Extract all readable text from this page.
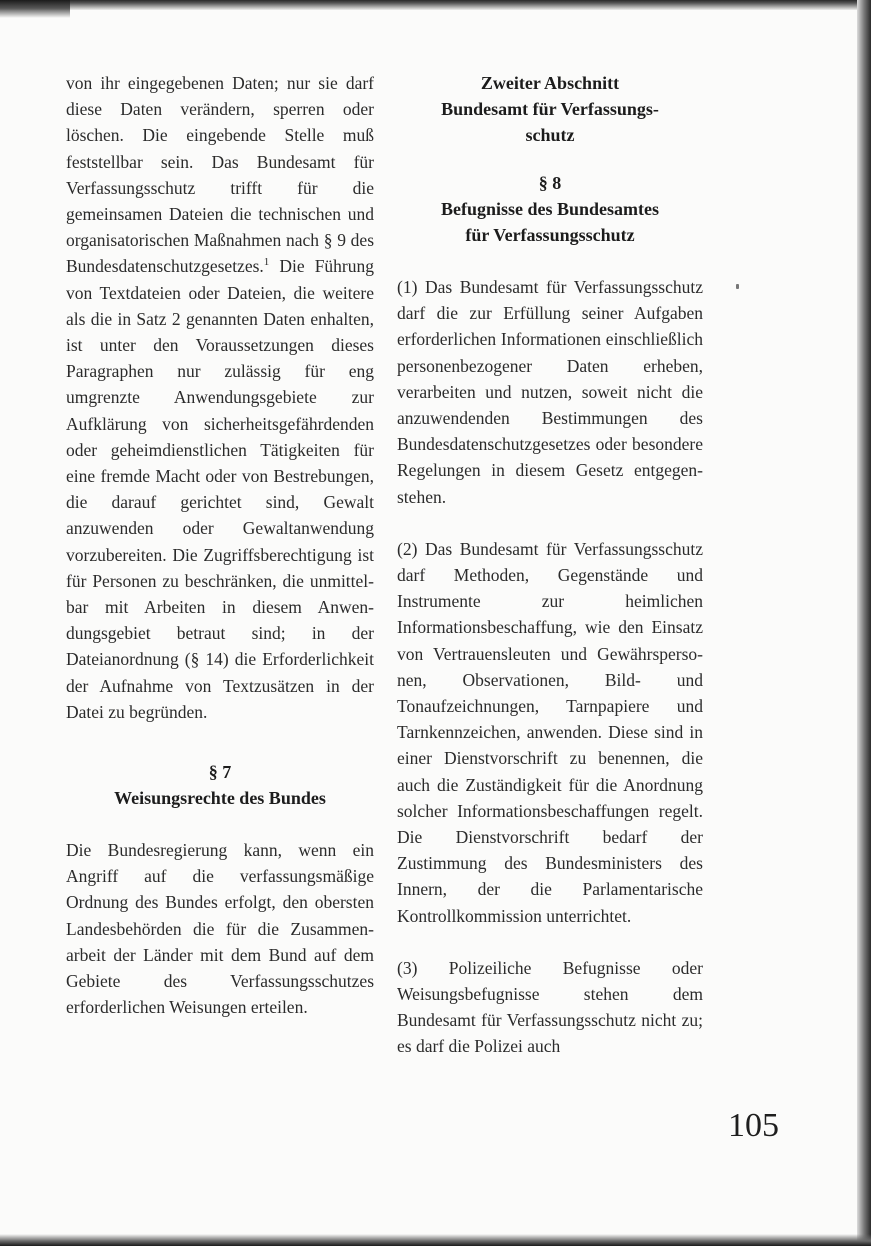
von ihr eingegebenen Daten; nur sie darf diese Daten verändern, sperren oder löschen. Die eingebende Stelle muß feststellbar sein. Das Bundesamt für Verfassungsschutz trifft für die gemeinsamen Dateien die technischen und organisatorischen Maßnahmen nach § 9 des Bundesdatenschutzgesetzes.$^1$ Die Führung von Textdateien oder Dateien, die weitere als die in Satz 2 genannten Daten enhalten, ist unter den Voraussetzungen dieses Paragraphen nur zulässig für eng umgrenzte Anwendungsgebiete zur Aufklärung von sicherheitsgefährdenden oder geheimdienstlichen Tätigkeiten für eine fremde Macht oder von Bestrebungen, die darauf gerichtet sind, Gewalt anzuwenden oder Gewaltanwendung vorzubereiten. Die Zugriffsberechtigung ist für Personen zu beschränken, die unmittelbar mit Arbeiten in diesem Anwendungsgebiet betraut sind; in der Dateianordnung (§ 14) die Erforderlichkeit der Aufnahme von Textzusätzen in der Datei zu begründen.

§ 7
Weisungsrechte des Bundes

Die Bundesregierung kann, wenn ein Angriff auf die verfassungsmäßige Ordnung des Bundes erfolgt, den obersten Landesbehörden die für die Zusammenarbeit der Länder mit dem Bund auf dem Gebiete des Verfassungsschutzes erforderlichen Weisungen erteilen.

Zweiter Abschnitt
Bundesamt für Verfassungs-
schutz
§ 8
Befugnisse des Bundesamtes
für Verfassungsschutz

(1) Das Bundesamt für Verfassungsschutz darf die zur Erfüllung seiner Aufgaben erforderlichen Informationen einschließlich personenbezogener Daten erheben, verarbeiten und nutzen, soweit nicht die anzuwendenden Bestimmungen des Bundesdatenschutzgesetzes oder besondere Regelungen in diesem Gesetz entgegenstehen.

(2) Das Bundesamt für Verfassungsschutz darf Methoden, Gegenstände und Instrumente zur heimlichen Informationsbeschaffung, wie den Einsatz von Vertrauensleuten und Gewährspersonen, Observationen, Bild- und Tonaufzeichnungen, Tarnpapiere und Tarnkennzeichen, anwenden. Diese sind in einer Dienstvorschrift zu benennen, die auch die Zuständigkeit für die Anordnung solcher Informationsbeschaffungen regelt. Die Dienstvorschrift bedarf der Zustimmung des Bundesministers des Innern, der die Parlamentarische Kontrollkommission unterrichtet.

(3) Polizeiliche Befugnisse oder Weisungsbefugnisse stehen dem Bundesamt für Verfassungsschutz nicht zu; es darf die Polizei auch

105
